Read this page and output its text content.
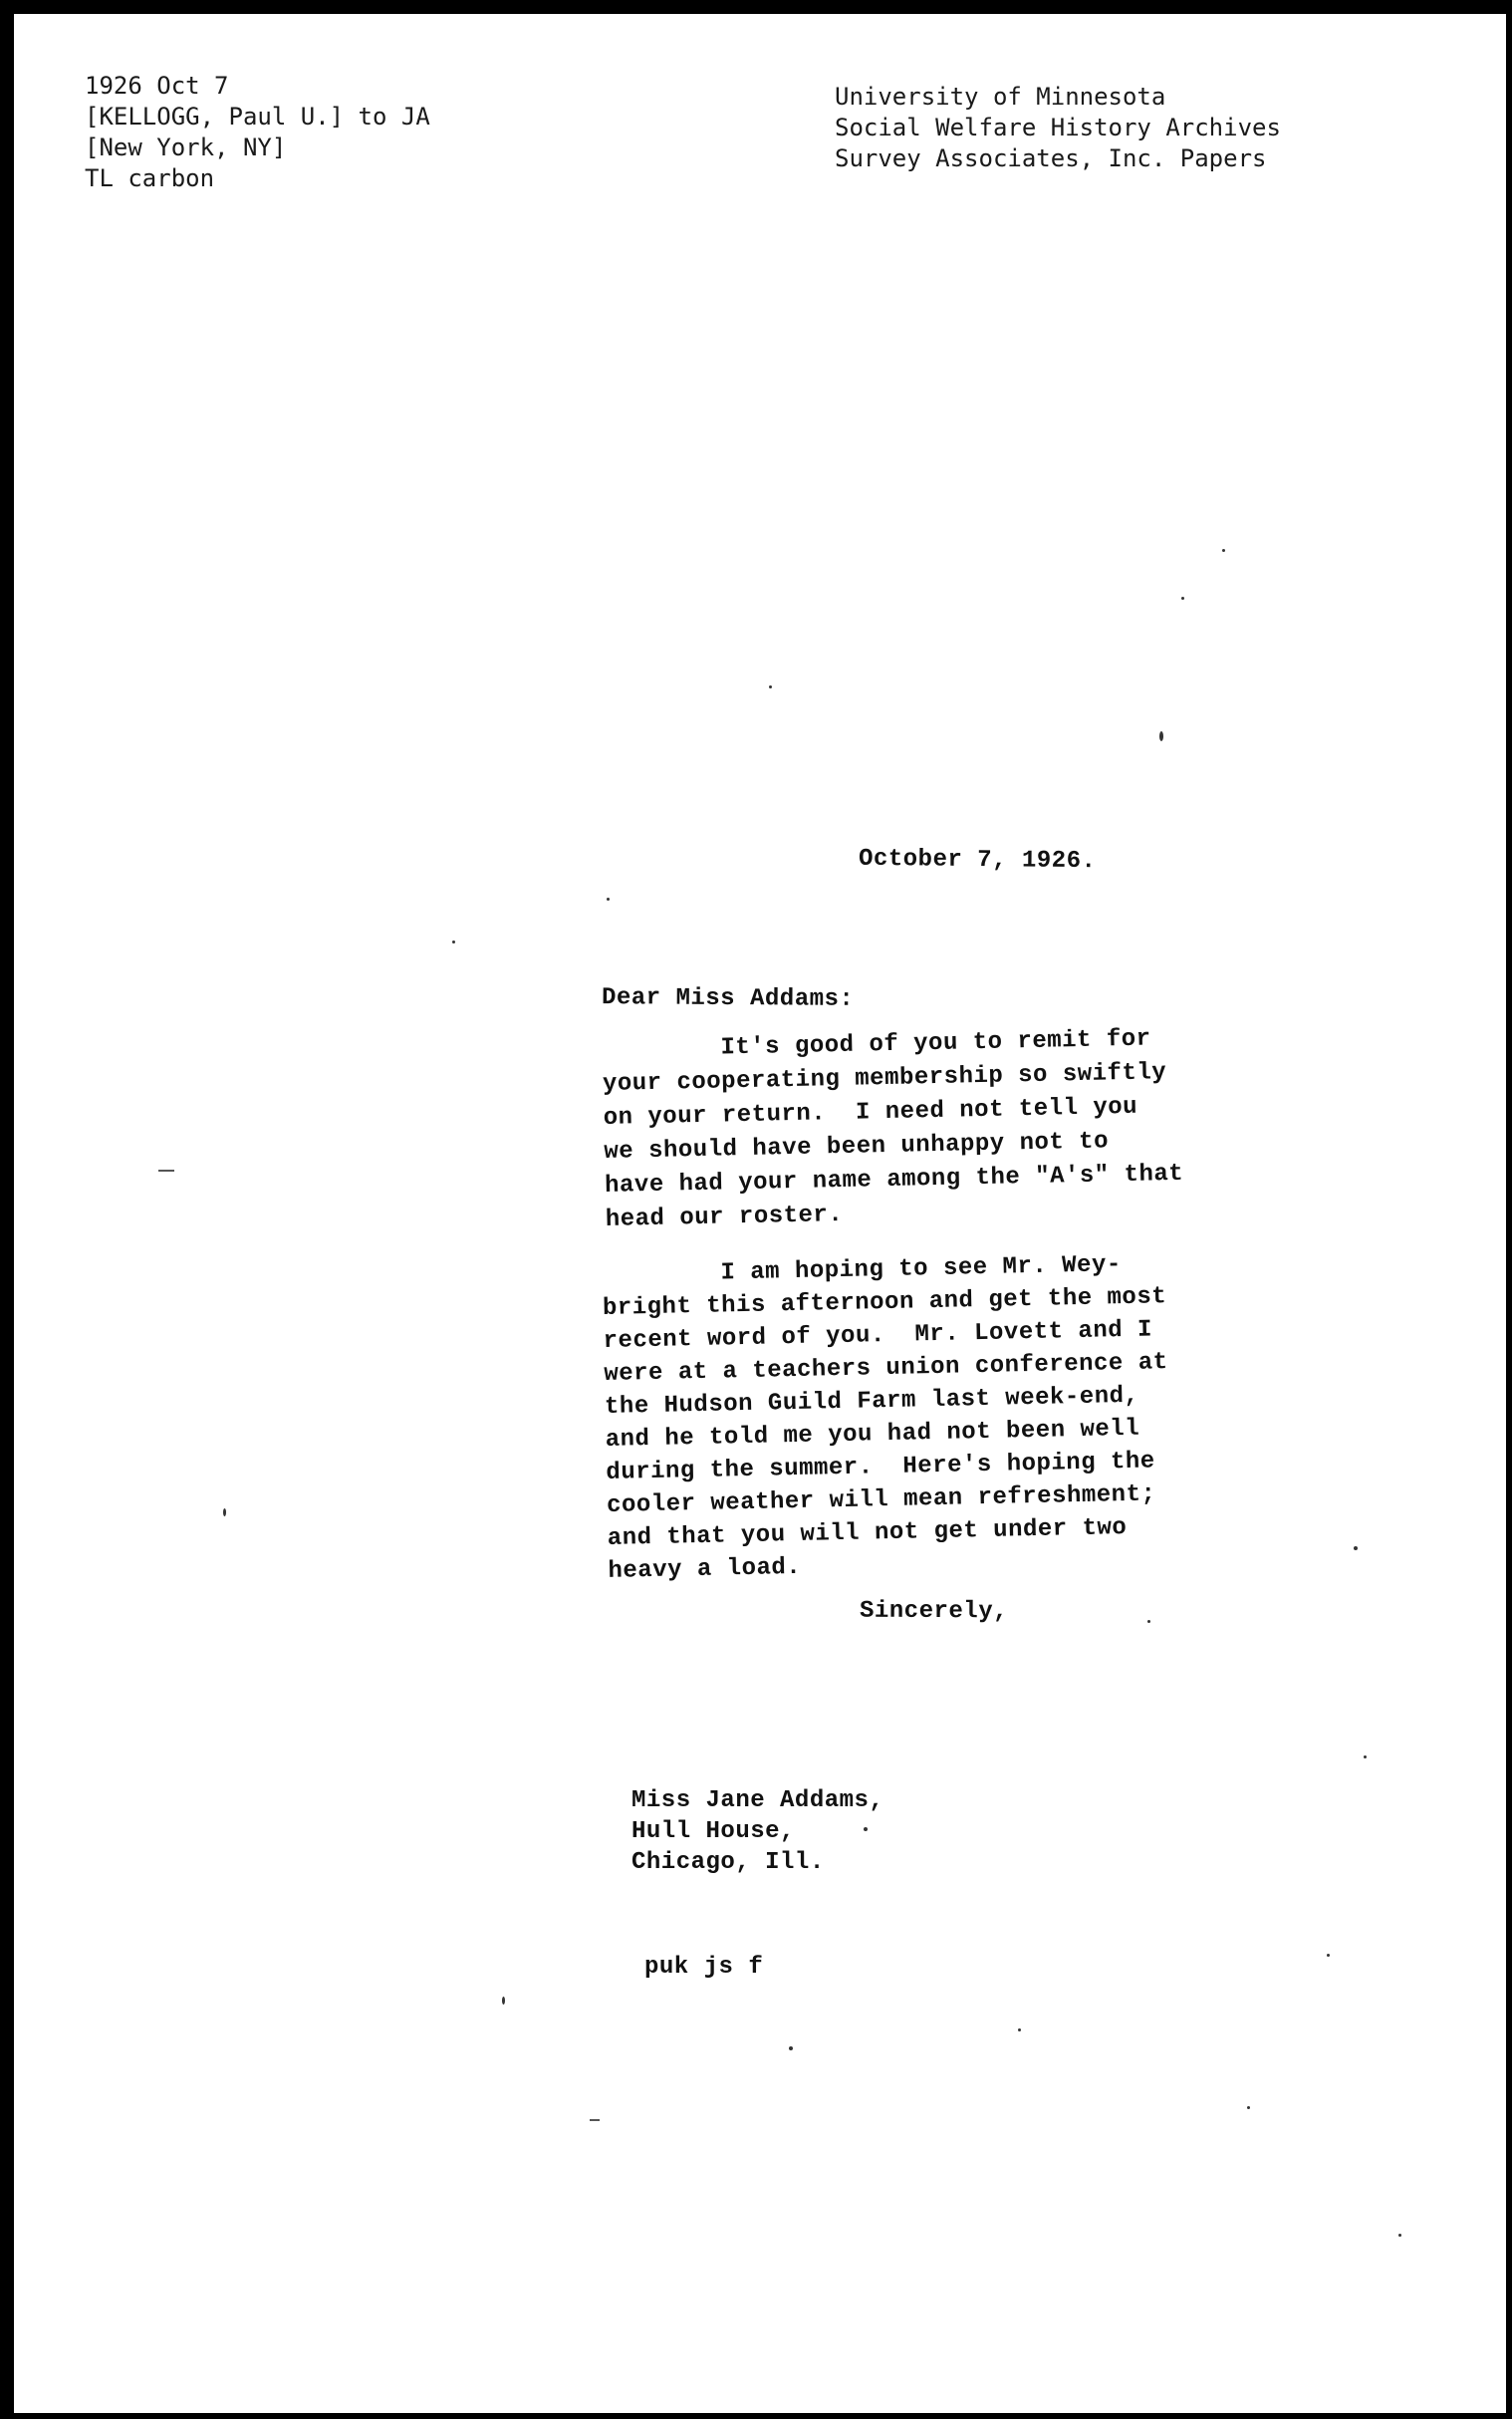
1926 Oct 7
[KELLOGG, Paul U.] to JA
[New York, NY]
TL carbon
University of Minnesota
Social Welfare History Archives
Survey Associates, Inc. Papers
October 7, 1926.
Dear Miss Addams:

It's good of you to remit for

your cooperating membership so swiftly

on your return.  I need not tell you

we should have been unhappy not to

have had your name among the "A's" that

head our roster.

I am hoping to see Mr. Wey-

bright this afternoon and get the most

recent word of you.  Mr. Lovett and I

were at a teachers union conference at

the Hudson Guild Farm last week-end,

and he told me you had not been well

during the summer.  Here's hoping the

cooler weather will mean refreshment;

and that you will not get under two

heavy a load.

Sincerely,
Miss Jane Addams,
Hull House,
Chicago, Ill.
puk js f
